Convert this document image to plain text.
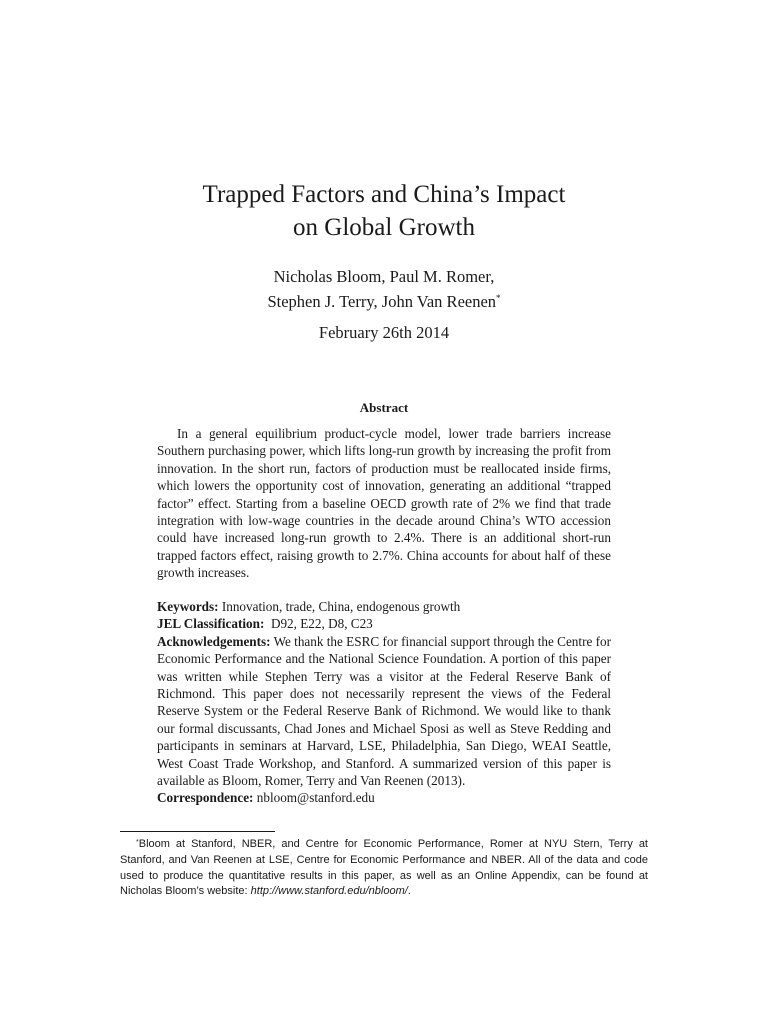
Trapped Factors and China’s Impact
on Global Growth
Nicholas Bloom, Paul M. Romer,
Stephen J. Terry, John Van Reenen*
February 26th 2014
Abstract

In a general equilibrium product-cycle model, lower trade barriers increase Southern purchasing power, which lifts long-run growth by increasing the profit from innovation. In the short run, factors of production must be reallocated inside firms, which lowers the opportunity cost of innovation, generating an additional “trapped factor” effect. Starting from a baseline OECD growth rate of 2% we find that trade integration with low-wage countries in the decade around China’s WTO accession could have increased long-run growth to 2.4%. There is an additional short-run trapped factors effect, raising growth to 2.7%. China accounts for about half of these growth increases.

Keywords: Innovation, trade, China, endogenous growth
JEL Classification: D92, E22, D8, C23
Acknowledgements: We thank the ESRC for financial support through the Centre for Economic Performance and the National Science Foundation. A portion of this paper was written while Stephen Terry was a visitor at the Federal Reserve Bank of Richmond. This paper does not necessarily represent the views of the Federal Reserve System or the Federal Reserve Bank of Richmond. We would like to thank our formal discussants, Chad Jones and Michael Sposi as well as Steve Redding and participants in seminars at Harvard, LSE, Philadelphia, San Diego, WEAI Seattle, West Coast Trade Workshop, and Stanford. A summarized version of this paper is available as Bloom, Romer, Terry and Van Reenen (2013).
Correspondence: nbloom@stanford.edu

*Bloom at Stanford, NBER, and Centre for Economic Performance, Romer at NYU Stern, Terry at Stanford, and Van Reenen at LSE, Centre for Economic Performance and NBER. All of the data and code used to produce the quantitative results in this paper, as well as an Online Appendix, can be found at Nicholas Bloom’s website: http://www.stanford.edu/nbloom/.
